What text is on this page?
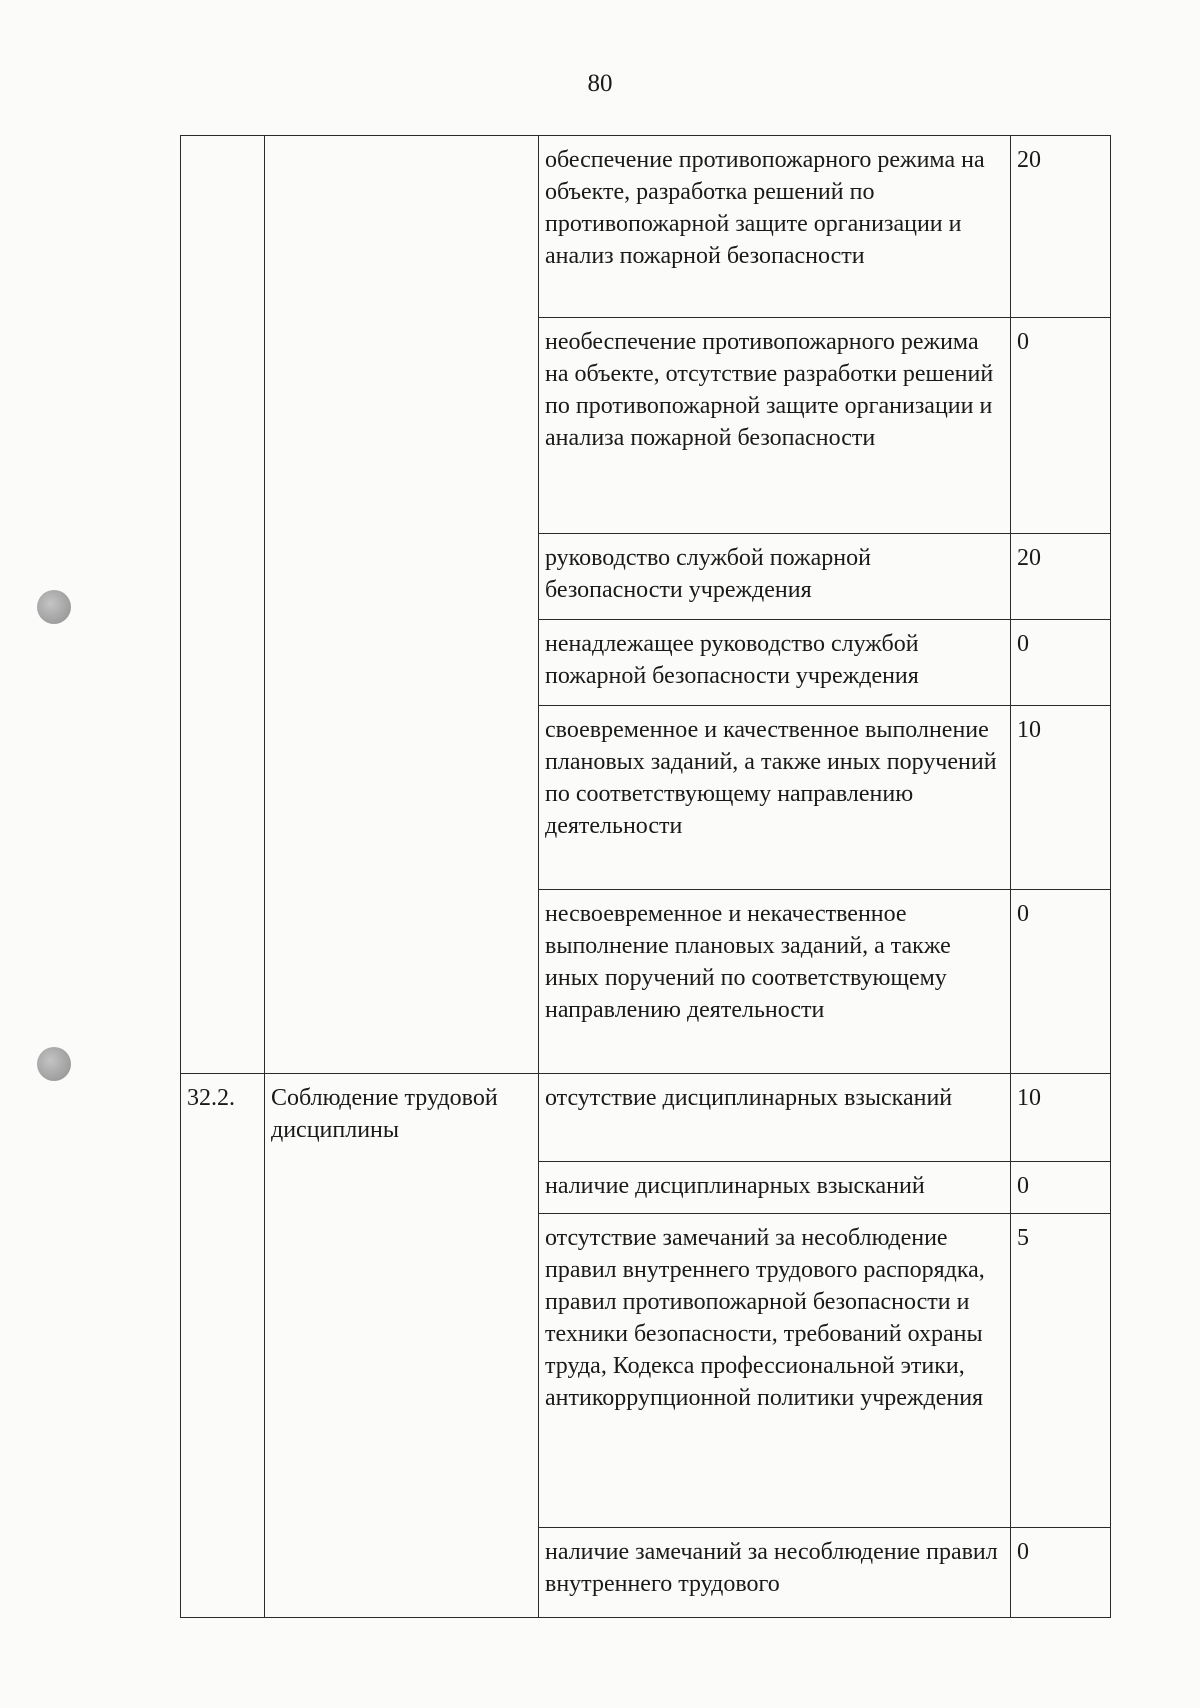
80
		обеспечение противопожарного режима на объекте, разработка решений по противопожарной защите организации и анализ пожарной безопасности	20
		необеспечение противопожарного режима на объекте, отсутствие разработки решений по противопожарной защите организации и анализа пожарной безопасности	0
		руководство службой пожарной безопасности учреждения	20
		ненадлежащее руководство службой пожарной безопасности учреждения	0
		своевременное и качественное выполнение плановых заданий, а также иных поручений по соответствующему направлению деятельности	10
		несвоевременное и некачественное выполнение плановых заданий, а также иных поручений по соответствующему направлению деятельности	0
32.2.	Соблюдение трудовой дисциплины	отсутствие дисциплинарных взысканий	10
		наличие дисциплинарных взысканий	0
		отсутствие замечаний за несоблюдение правил внутреннего трудового распорядка, правил противопожарной безопасности и техники безопасности, требований охраны труда, Кодекса профессиональной этики, антикоррупционной политики учреждения	5
		наличие замечаний за несоблюдение правил внутреннего трудового	0
